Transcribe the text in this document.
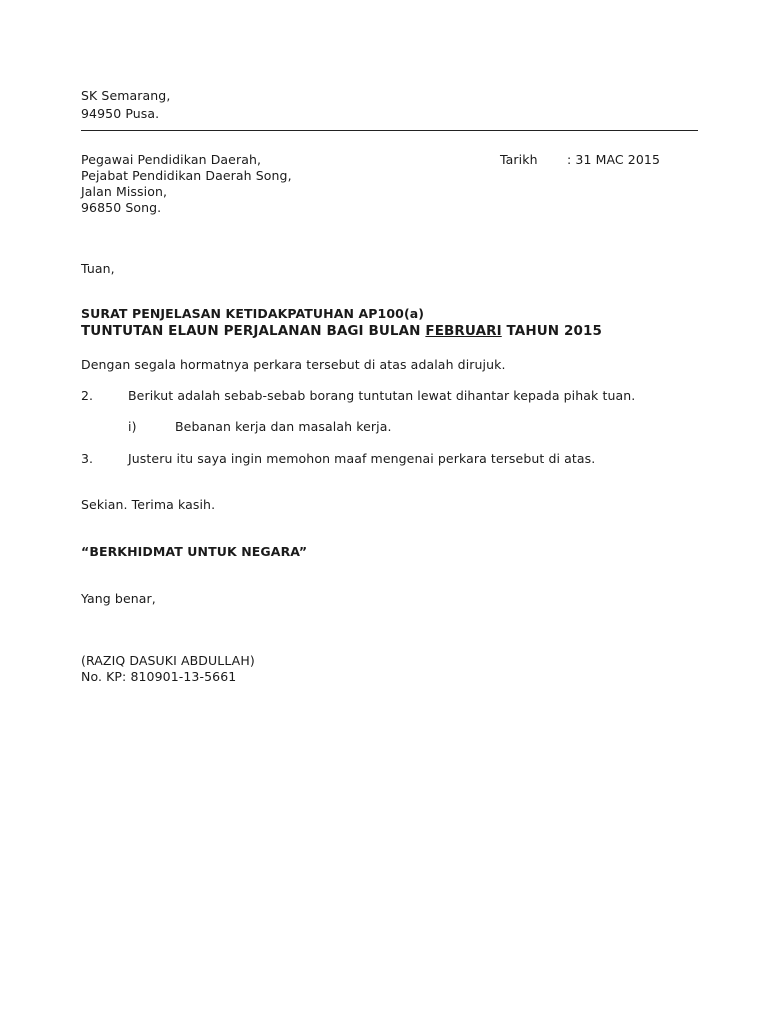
SK Semarang,
94950 Pusa.
Pegawai Pendidikan Daerah,
Pejabat Pendidikan Daerah Song,
Jalan Mission,
96850 Song.
Tarikh : 31 MAC 2015
Tuan,
SURAT PENJELASAN KETIDAKPATUHAN AP100(a)
TUNTUTAN ELAUN PERJALANAN BAGI BULAN FEBRUARI TAHUN 2015
Dengan segala hormatnya perkara tersebut di atas adalah dirujuk.
2.	Berikut adalah sebab-sebab borang tuntutan lewat dihantar kepada pihak tuan.
i)	Bebanan kerja dan masalah kerja.
3.	Justeru itu saya ingin memohon maaf mengenai perkara tersebut di atas.
Sekian. Terima kasih.
“BERKHIDMAT UNTUK NEGARA”
Yang benar,
(RAZIQ DASUKI ABDULLAH)
No. KP: 810901-13-5661
